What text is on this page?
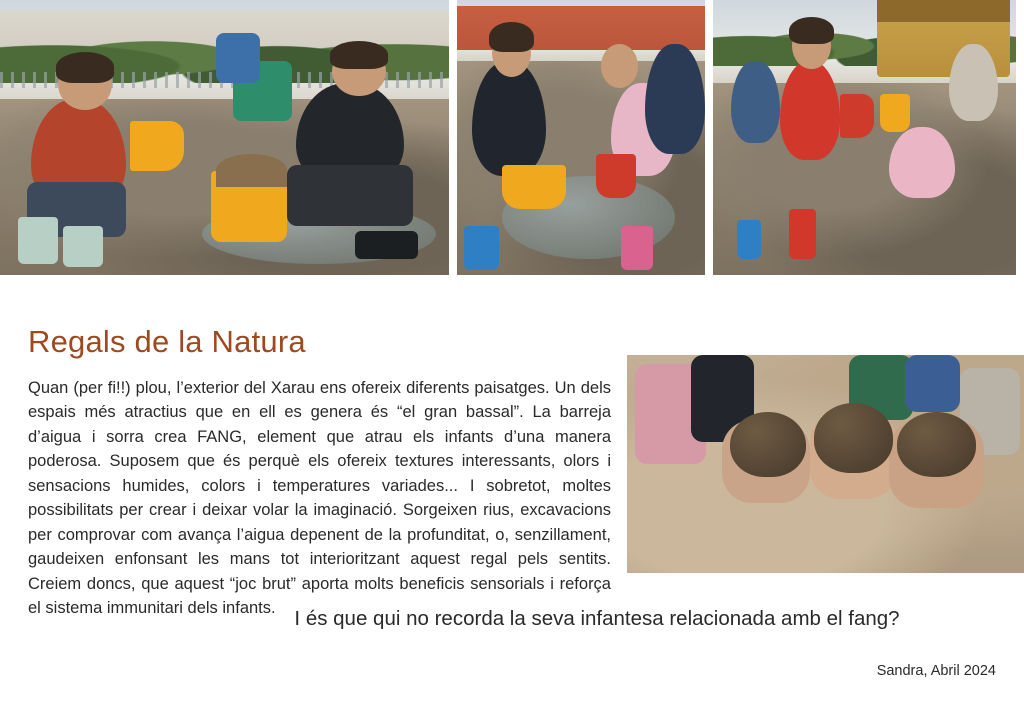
Regals de la Natura

Quan (per fi!!) plou, l’exterior del Xarau ens ofereix diferents paisatges. Un dels espais més atractius que en ell es genera és “el gran bassal”. La barreja d’aigua i sorra crea FANG, element que atrau els infants d’una manera poderosa. Suposem que és perquè els ofereix textures interessants, olors i sensacions humides, colors i temperatures variades... I sobretot, moltes possibilitats per crear i deixar volar la imaginació. Sorgeixen rius, excavacions per comprovar com avança l’aigua depenent de la profunditat, o, senzillament, gaudeixen enfonsant les mans tot interioritzant aquest regal pels sentits. Creiem doncs, que aquest “joc brut” aporta molts beneficis sensorials i reforça el sistema immunitari dels infants. I és que qui no recorda la seva infantesa relacionada amb el fang?
Sandra, Abril 2024
